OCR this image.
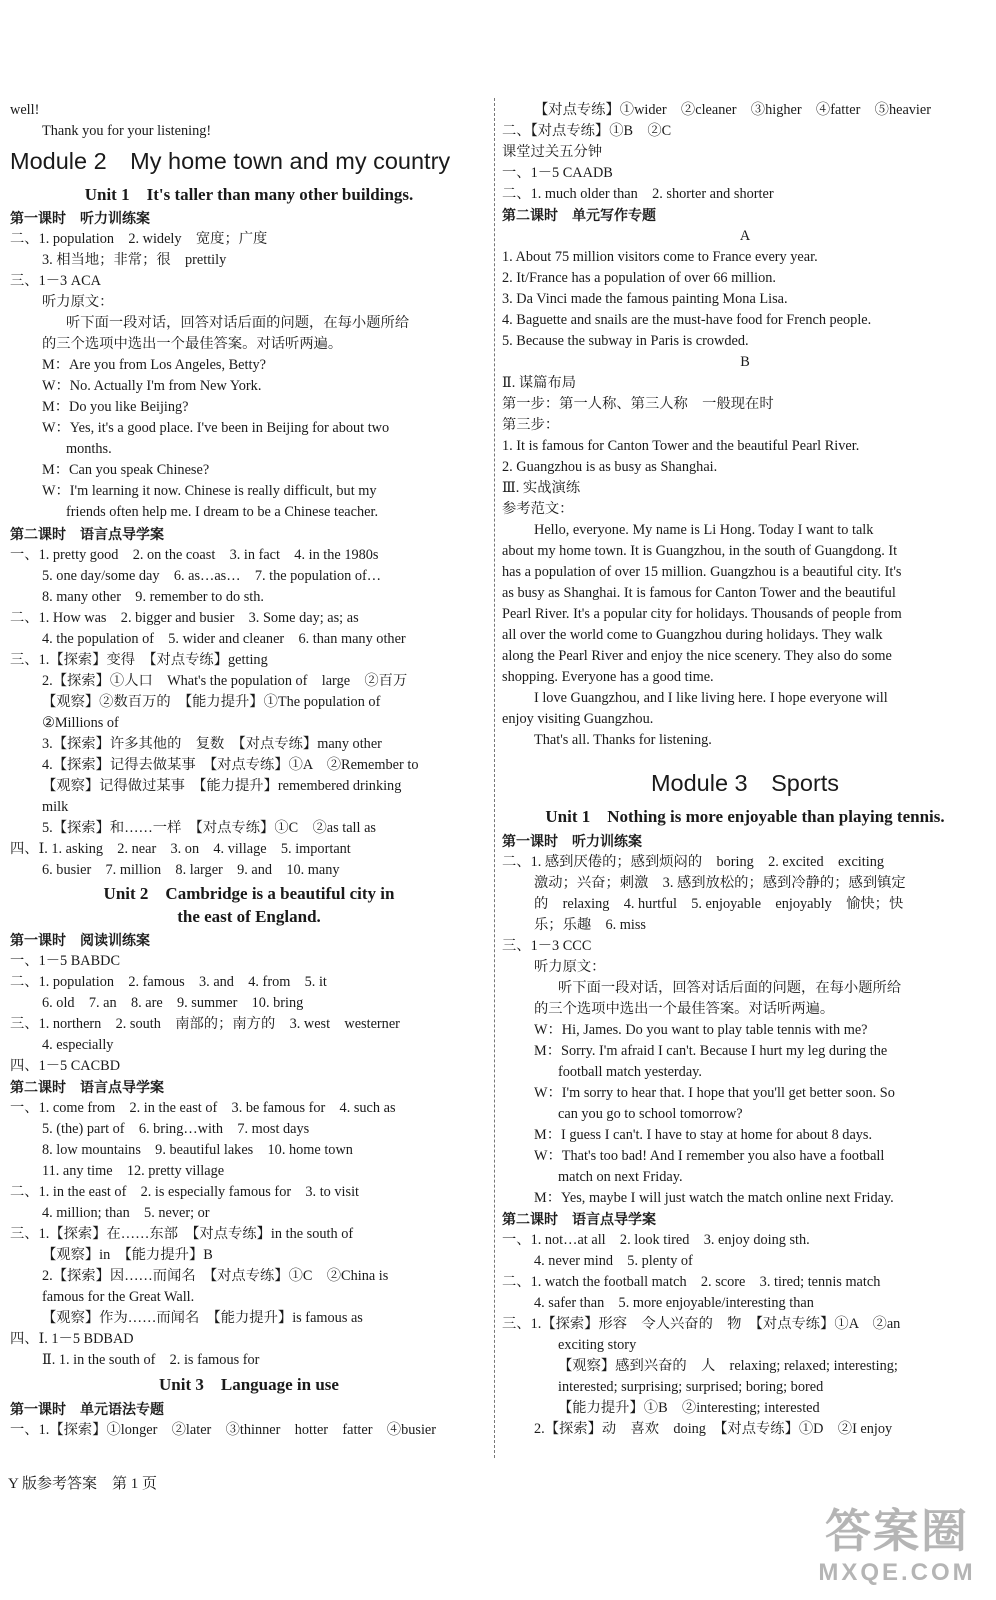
well!
Thank you for your listening!
Module 2　My home town and my country
Unit 1　It's taller than many other buildings.
第一课时　听力训练案
二、1. population　2. widely　宽度；广度
3. 相当地；非常；很　prettily
三、1－3 ACA
听力原文：
听下面一段对话，回答对话后面的问题，在每小题所给
的三个选项中选出一个最佳答案。对话听两遍。
M：Are you from Los Angeles, Betty?
W：No. Actually I'm from New York.
M：Do you like Beijing?
W：Yes, it's a good place. I've been in Beijing for about two
months.
M：Can you speak Chinese?
W：I'm learning it now. Chinese is really difficult, but my
friends often help me. I dream to be a Chinese teacher.
第二课时　语言点导学案
一、1. pretty good　2. on the coast　3. in fact　4. in the 1980s
5. one day/some day　6. as…as…　7. the population of…
8. many other　9. remember to do sth.
二、1. How was　2. bigger and busier　3. Some day; as; as
4. the population of　5. wider and cleaner　6. than many other
三、1.【探索】变得　【对点专练】getting
2.【探索】①人口　What's the population of　large　②百万
【观察】②数百万的　【能力提升】①The population of
②Millions of
3.【探索】许多其他的　复数　【对点专练】many other
4.【探索】记得去做某事　【对点专练】①A　②Remember to
【观察】记得做过某事　【能力提升】remembered drinking
milk
5.【探索】和……一样　【对点专练】①C　②as tall as
四、Ⅰ. 1. asking　2. near　3. on　4. village　5. important
6. busier　7. million　8. larger　9. and　10. many
Unit 2　Cambridge is a beautiful city in
the east of England.
第一课时　阅读训练案
一、1－5 BABDC
二、1. population　2. famous　3. and　4. from　5. it
6. old　7. an　8. are　9. summer　10. bring
三、1. northern　2. south　南部的；南方的　3. west　westerner
4. especially
四、1－5 CACBD
第二课时　语言点导学案
一、1. come from　2. in the east of　3. be famous for　4. such as
5. (the) part of　6. bring…with　7. most days
8. low mountains　9. beautiful lakes　10. home town
11. any time　12. pretty village
二、1. in the east of　2. is especially famous for　3. to visit
4. million; than　5. never; or
三、1.【探索】在……东部　【对点专练】in the south of
【观察】in　【能力提升】B
2.【探索】因……而闻名　【对点专练】①C　②China is
famous for the Great Wall.
【观察】作为……而闻名　【能力提升】is famous as
四、Ⅰ. 1－5 BDBAD
Ⅱ. 1. in the south of　2. is famous for
Unit 3　Language in use
第一课时　单元语法专题
一、1.【探索】①longer　②later　③thinner　hotter　fatter　④busier
【对点专练】①wider　②cleaner　③higher　④fatter　⑤heavier
二、【对点专练】①B　②C
课堂过关五分钟
一、1－5 CAADB
二、1. much older than　2. shorter and shorter
第二课时　单元写作专题
A
1. About 75 million visitors come to France every year.
2. It/France has a population of over 66 million.
3. Da Vinci made the famous painting Mona Lisa.
4. Baguette and snails are the must-have food for French people.
5. Because the subway in Paris is crowded.
B
Ⅱ. 谋篇布局
第一步：第一人称、第三人称　一般现在时
第三步：
1. It is famous for Canton Tower and the beautiful Pearl River.
2. Guangzhou is as busy as Shanghai.
Ⅲ. 实战演练
参考范文：
Hello, everyone. My name is Li Hong. Today I want to talk
about my home town. It is Guangzhou, in the south of Guangdong. It
has a population of over 15 million. Guangzhou is a beautiful city. It's
as busy as Shanghai. It is famous for Canton Tower and the beautiful
Pearl River. It's a popular city for holidays. Thousands of people from
all over the world come to Guangzhou during holidays. They walk
along the Pearl River and enjoy the nice scenery. They also do some
shopping. Everyone has a good time.
I love Guangzhou, and I like living here. I hope everyone will
enjoy visiting Guangzhou.
That's all. Thanks for listening.
Module 3　Sports
Unit 1　Nothing is more enjoyable than playing tennis.
第一课时　听力训练案
二、1. 感到厌倦的；感到烦闷的　boring　2. excited　exciting
激动；兴奋；刺激　3. 感到放松的；感到冷静的；感到镇定
的　relaxing　4. hurtful　5. enjoyable　enjoyably　愉快；快
乐；乐趣　6. miss
三、1－3 CCC
听力原文：
听下面一段对话，回答对话后面的问题，在每小题所给
的三个选项中选出一个最佳答案。对话听两遍。
W：Hi, James. Do you want to play table tennis with me?
M：Sorry. I'm afraid I can't. Because I hurt my leg during the
football match yesterday.
W：I'm sorry to hear that. I hope that you'll get better soon. So
can you go to school tomorrow?
M：I guess I can't. I have to stay at home for about 8 days.
W：That's too bad! And I remember you also have a football
match on next Friday.
M：Yes, maybe I will just watch the match online next Friday.
第二课时　语言点导学案
一、1. not…at all　2. look tired　3. enjoy doing sth.
4. never mind　5. plenty of
二、1. watch the football match　2. score　3. tired; tennis match
4. safer than　5. more enjoyable/interesting than
三、1.【探索】形容　令人兴奋的　物　【对点专练】①A　②an
exciting story
【观察】感到兴奋的　人　relaxing; relaxed; interesting;
interested; surprising; surprised; boring; bored
【能力提升】①B　②interesting; interested
2.【探索】动　喜欢　doing　【对点专练】①D　②I enjoy
Y 版参考答案　第 1 页
答案圈
MXQE.COM
